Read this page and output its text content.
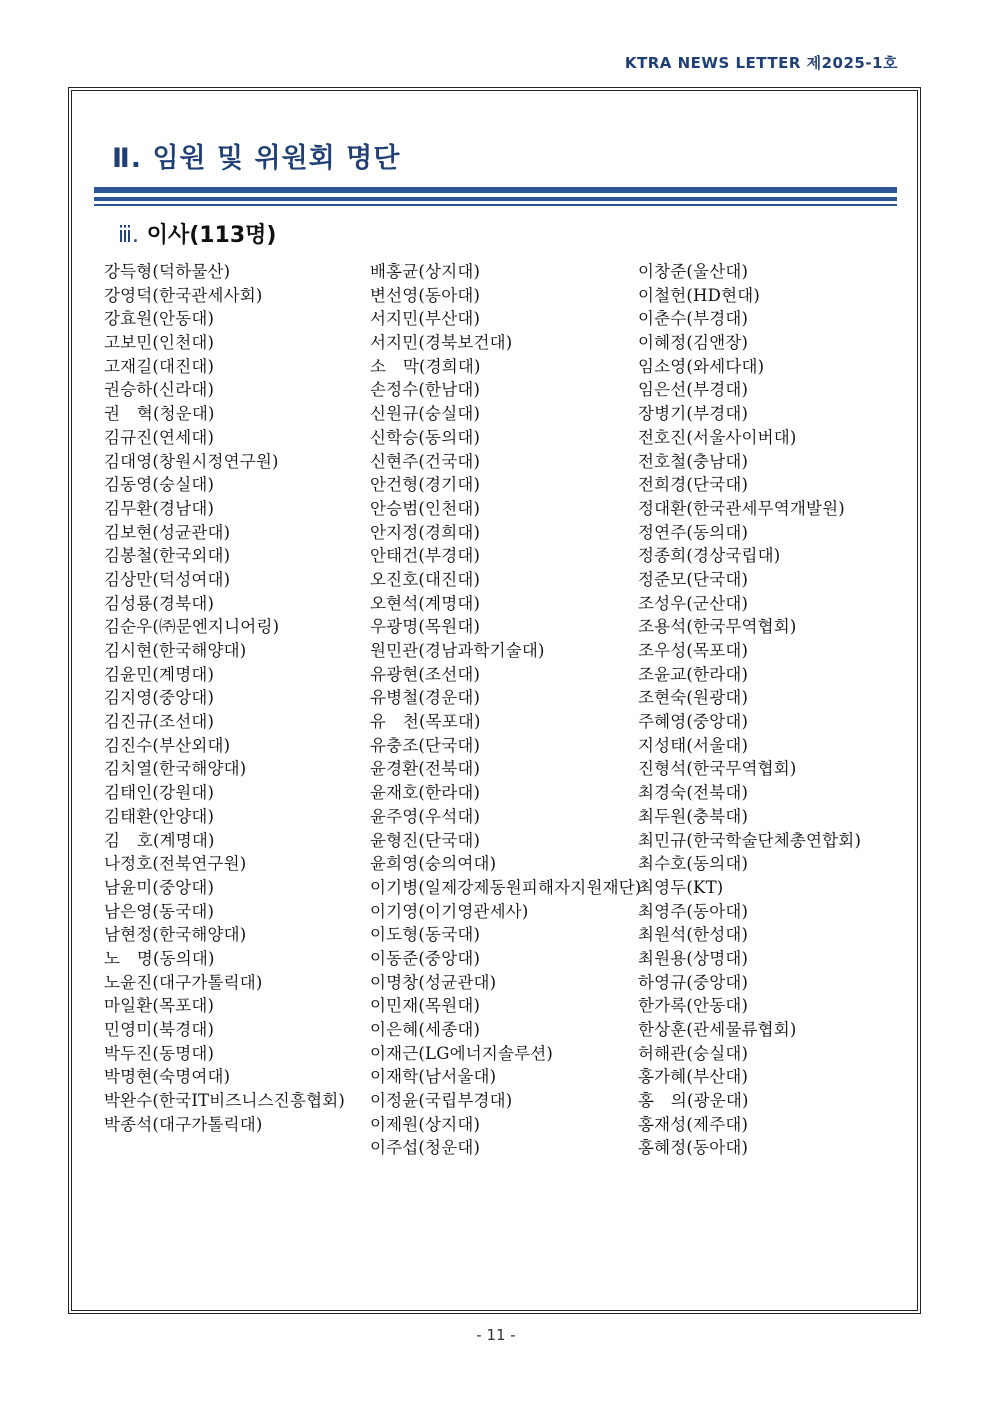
KTRA NEWS LETTER 제2025-1호
Ⅱ. 임원 및 위원회 명단
ⅲ. 이사(113명)
강득형(덕하물산)
강영덕(한국관세사회)
강효원(안동대)
고보민(인천대)
고재길(대진대)
권승하(신라대)
권　혁(청운대)
김규진(연세대)
김대영(창원시정연구원)
김동영(숭실대)
김무환(경남대)
김보현(성균관대)
김봉철(한국외대)
김상만(덕성여대)
김성룡(경북대)
김순우(㈜문엔지니어링)
김시현(한국해양대)
김윤민(계명대)
김지영(중앙대)
김진규(조선대)
김진수(부산외대)
김치열(한국해양대)
김태인(강원대)
김태환(안양대)
김　호(계명대)
나정호(전북연구원)
남윤미(중앙대)
남은영(동국대)
남현정(한국해양대)
노　명(동의대)
노윤진(대구가톨릭대)
마일환(목포대)
민영미(북경대)
박두진(동명대)
박명현(숙명여대)
박완수(한국IT비즈니스진흥협회)
박종석(대구가톨릭대)
배홍균(상지대)
변선영(동아대)
서지민(부산대)
서지민(경북보건대)
소　막(경희대)
손정수(한남대)
신원규(숭실대)
신학승(동의대)
신현주(건국대)
안건형(경기대)
안승범(인천대)
안지정(경희대)
안태건(부경대)
오진호(대진대)
오현석(계명대)
우광명(목원대)
원민관(경남과학기술대)
유광현(조선대)
유병철(경운대)
유　천(목포대)
유충조(단국대)
윤경환(전북대)
윤재호(한라대)
윤주영(우석대)
윤형진(단국대)
윤희영(숭의여대)
이기병(일제강제동원피해자지원재단)
이기영(이기영관세사)
이도형(동국대)
이동준(중앙대)
이명창(성균관대)
이민재(목원대)
이은혜(세종대)
이재근(LG에너지솔루션)
이재학(남서울대)
이정윤(국립부경대)
이제원(상지대)
이주섭(청운대)
이창준(울산대)
이철헌(HD현대)
이춘수(부경대)
이혜정(김앤장)
임소영(와세다대)
임은선(부경대)
장병기(부경대)
전호진(서울사이버대)
전호철(충남대)
전희경(단국대)
정대환(한국관세무역개발원)
정연주(동의대)
정종희(경상국립대)
정준모(단국대)
조성우(군산대)
조용석(한국무역협회)
조우성(목포대)
조윤교(한라대)
조현숙(원광대)
주혜영(중앙대)
지성태(서울대)
진형석(한국무역협회)
최경숙(전북대)
최두원(충북대)
최민규(한국학술단체총연합회)
최수호(동의대)
최영두(KT)
최영주(동아대)
최원석(한성대)
최원용(상명대)
하영규(중앙대)
한가록(안동대)
한상훈(관세물류협회)
허해관(숭실대)
홍가혜(부산대)
홍　의(광운대)
홍재성(제주대)
홍혜정(동아대)
- 11 -
